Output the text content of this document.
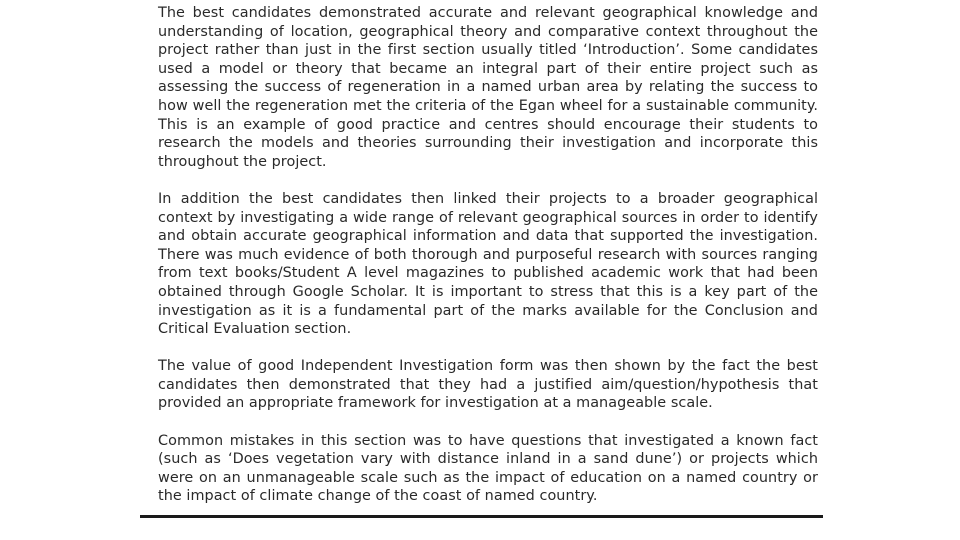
The best candidates demonstrated accurate and relevant geographical knowledge and understanding of location, geographical theory and comparative context throughout the project rather than just in the first section usually titled ‘Introduction’. Some candidates used a model or theory that became an integral part of their entire project such as assessing the success of regeneration in a named urban area by relating the success to how well the regeneration met the criteria of the Egan wheel for a sustainable community. This is an example of good practice and centres should encourage their students to research the models and theories surrounding their investigation and incorporate this throughout the project.

In addition the best candidates then linked their projects to a broader geographical context by investigating a wide range of relevant geographical sources in order to identify and obtain accurate geographical information and data that supported the investigation. There was much evidence of both thorough and purposeful research with sources ranging from text books/Student A level magazines to published academic work that had been obtained through Google Scholar. It is important to stress that this is a key part of the investigation as it is a fundamental part of the marks available for the Conclusion and Critical Evaluation section.

The value of good Independent Investigation form was then shown by the fact the best candidates then demonstrated that they had a justified aim/question/hypothesis that provided an appropriate framework for investigation at a manageable scale.

Common mistakes in this section was to have questions that investigated a known fact (such as ‘Does vegetation vary with distance inland in a sand dune’) or projects which were on an unmanageable scale such as the impact of education on a named country or the impact of climate change of the coast of named country.
